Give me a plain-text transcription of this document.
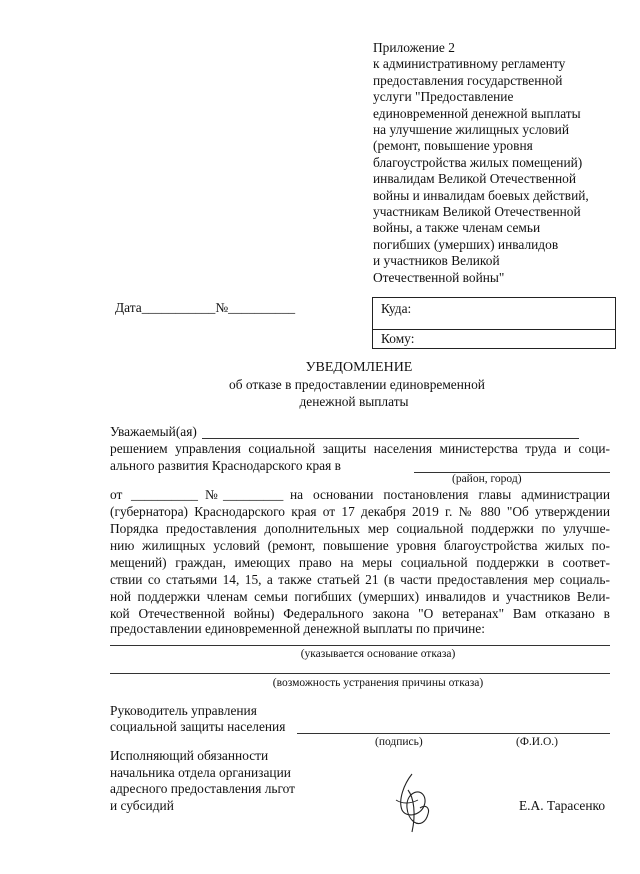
Приложение 2
к административному регламенту
предоставления государственной
услуги "Предоставление
единовременной денежной выплаты
на улучшение жилищных условий
(ремонт, повышение уровня
благоустройства жилых помещений)
инвалидам Великой Отечественной
войны и инвалидам боевых действий,
участникам Великой Отечественной
войны, а также членам семьи
погибших (умерших) инвалидов
и участников Великой
Отечественной войны"
Дата___________№__________	Куда:
Кому:
УВЕДОМЛЕНИЕ
об отказе в предоставлении единовременной
денежной выплаты
Уважаемый(ая)
решением управления социальной защиты населения министерства труда и соци-
ального развития Краснодарского края в
(район, город)
от __________ № _________ на основании постановления главы администрации
(губернатора) Краснодарского края от 17 декабря 2019 г. № 880 "Об утверждении
Порядка предоставления дополнительных мер социальной поддержки по улучше-
нию жилищных условий (ремонт, повышение уровня благоустройства жилых по-
мещений) граждан, имеющих право на меры социальной поддержки в соответ-
ствии со статьями 14, 15, а также статьей 21 (в части предоставления мер социаль-
ной поддержки членам семьи погибших (умерших) инвалидов и участников Вели-
кой Отечественной войны) Федерального закона "О ветеранах" Вам отказано в
предоставлении единовременной денежной выплаты по причине:
(указывается основание отказа)
(возможность устранения причины отказа)
Руководитель управления
социальной защиты населения
(подпись)	(Ф.И.О.)
Исполняющий обязанности
начальника отдела организации
адресного предоставления льгот
и субсидий	Е.А. Тарасенко
